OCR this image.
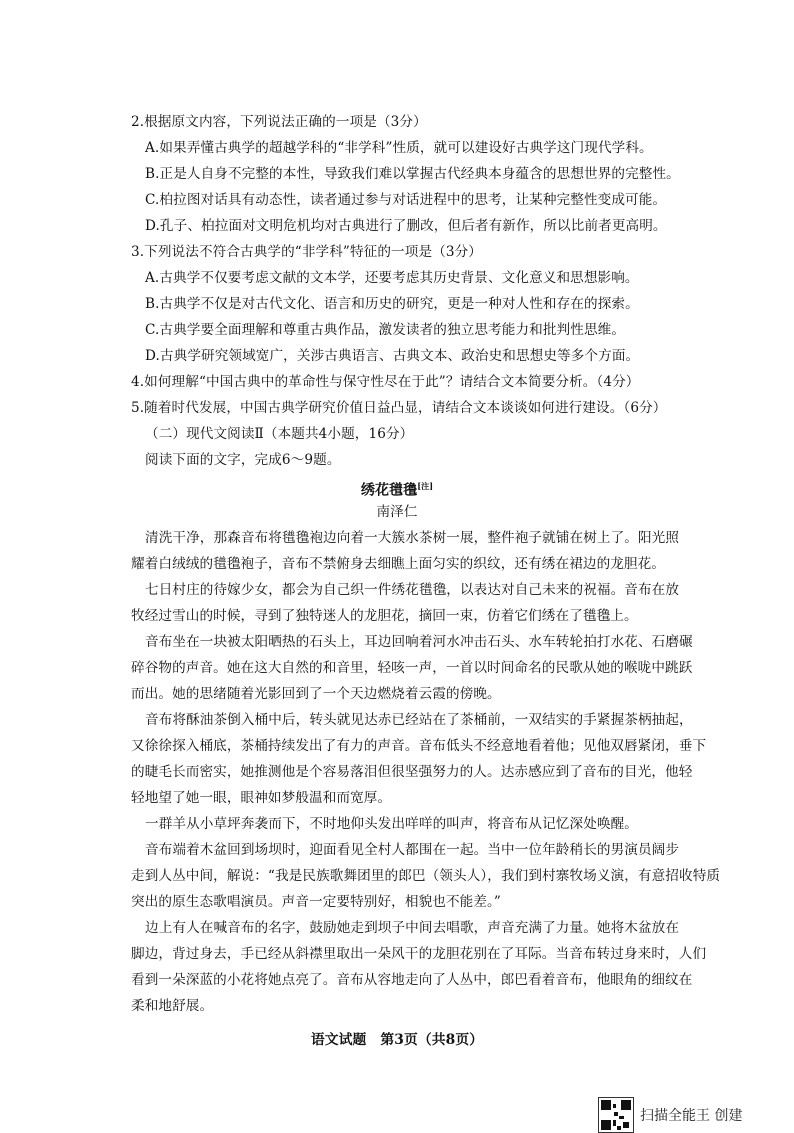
2.根据原文内容，下列说法正确的一项是（3分）
A.如果弄懂古典学的超越学科的“非学科”性质，就可以建设好古典学这门现代学科。
B.正是人自身不完整的本性，导致我们难以掌握古代经典本身蕴含的思想世界的完整性。
C.柏拉图对话具有动态性，读者通过参与对话进程中的思考，让某种完整性变成可能。
D.孔子、柏拉面对文明危机均对古典进行了删改，但后者有新作，所以比前者更高明。
3.下列说法不符合古典学的“非学科”特征的一项是（3分）
A.古典学不仅要考虑文献的文本学，还要考虑其历史背景、文化意义和思想影响。
B.古典学不仅是对古代文化、语言和历史的研究，更是一种对人性和存在的探索。
C.古典学要全面理解和尊重古典作品，激发读者的独立思考能力和批判性思维。
D.古典学研究领域宽广，关涉古典语言、古典文本、政治史和思想史等多个方面。
4.如何理解“中国古典中的革命性与保守性尽在于此”？请结合文本简要分析。（4分）
5.随着时代发展，中国古典学研究价值日益凸显，请结合文本谈谈如何进行建设。（6分）
（二）现代文阅读Ⅱ（本题共4小题，16分）
阅读下面的文字，完成6～9题。
绣花氆氇[注]
南泽仁
清洗干净，那森音布将氆氇袍边向着一大簇水茶树一展，整件袍子就铺在树上了。阳光照
耀着白绒绒的氆氇袍子，音布不禁俯身去细瞧上面匀实的织纹，还有绣在裙边的龙胆花。
七日村庄的待嫁少女，都会为自己织一件绣花氆氇，以表达对自己未来的祝福。音布在放
牧经过雪山的时候，寻到了独特迷人的龙胆花，摘回一束，仿着它们绣在了氆氇上。
音布坐在一块被太阳晒热的石头上，耳边回响着河水冲击石头、水车转轮拍打水花、石磨碾
碎谷物的声音。她在这大自然的和音里，轻咳一声，一首以时间命名的民歌从她的喉咙中跳跃
而出。她的思绪随着光影回到了一个天边燃烧着云霞的傍晚。
音布将酥油茶倒入桶中后，转头就见达赤已经站在了茶桶前，一双结实的手紧握茶柄抽起，
又徐徐探入桶底，茶桶持续发出了有力的声音。音布低头不经意地看着他；见他双唇紧闭，垂下
的睫毛长而密实，她推测他是个容易落泪但很坚强努力的人。达赤感应到了音布的目光，他轻
轻地望了她一眼，眼神如梦般温和而宽厚。
一群羊从小草坪奔袭而下，不时地仰头发出咩咩的叫声，将音布从记忆深处唤醒。
音布端着木盆回到场坝时，迎面看见全村人都围在一起。当中一位年龄稍长的男演员阔步
走到人丛中间，解说：“我是民族歌舞团里的郎巴（领头人），我们到村寨牧场义演，有意招收特质
突出的原生态歌唱演员。声音一定要特别好，相貌也不能差。”
边上有人在喊音布的名字，鼓励她走到坝子中间去唱歌，声音充满了力量。她将木盆放在
脚边，背过身去，手已经从斜襟里取出一朵风干的龙胆花别在了耳际。当音布转过身来时，人们
看到一朵深蓝的小花将她点亮了。音布从容地走向了人丛中，郎巴看着音布，他眼角的细纹在
柔和地舒展。
语文试题　第3页（共8页）
扫描全能王 创建
